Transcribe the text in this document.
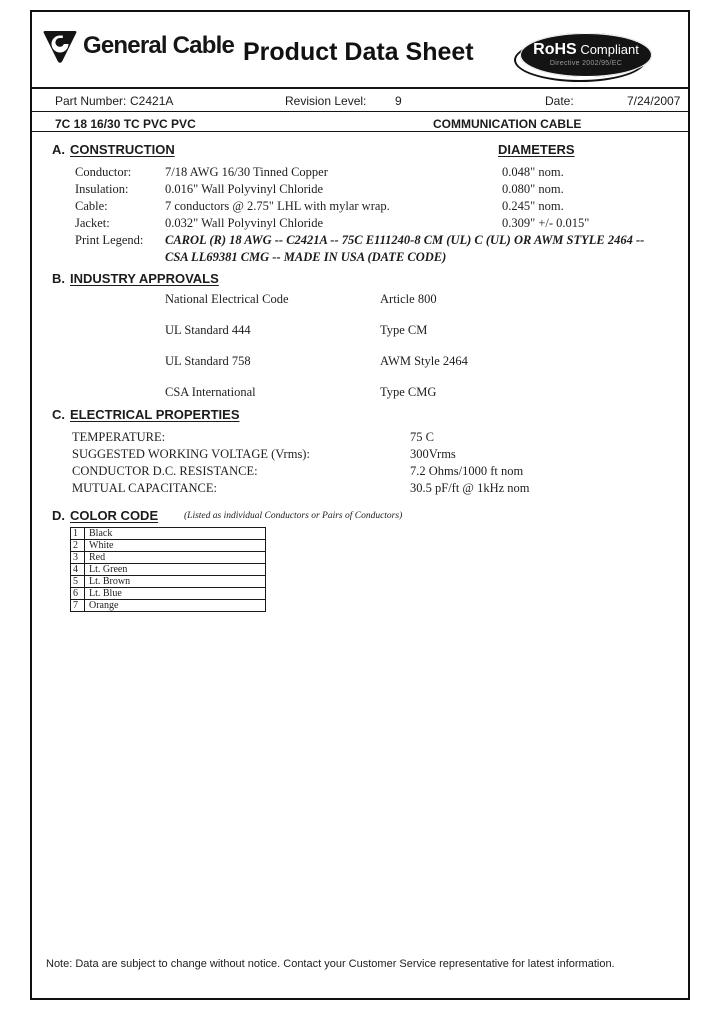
General Cable Product Data Sheet	RoHS Compliant
Directive 2002/95/EC
Part Number: C2421A	Revision Level: 9	Date:	7/24/2007
7C 18 16/30 TC PVC PVC	COMMUNICATION CABLE
A. CONSTRUCTION	DIAMETERS
Conductor:	7/18 AWG 16/30 Tinned Copper	0.048" nom.
Insulation:	0.016" Wall Polyvinyl Chloride	0.080" nom.
Cable:	7 conductors @ 2.75" LHL with mylar wrap.	0.245" nom.
Jacket:	0.032" Wall Polyvinyl Chloride	0.309" +/- 0.015"
Print Legend: CAROL (R) 18 AWG -- C2421A -- 75C E111240-8 CM (UL) C (UL) OR AWM STYLE 2464 --
CSA LL69381 CMG -- MADE IN USA (DATE CODE)
B. INDUSTRY APPROVALS
National Electrical Code	Article 800
UL Standard 444	Type CM
UL Standard 758	AWM Style 2464
CSA International	Type CMG
C. ELECTRICAL PROPERTIES
TEMPERATURE:	75 C
SUGGESTED WORKING VOLTAGE (Vrms):	300Vrms
CONDUCTOR D.C. RESISTANCE:	7.2 Ohms/1000 ft nom
MUTUAL CAPACITANCE:	30.5 pF/ft @ 1kHz nom
D. COLOR CODE	(Listed as individual Conductors or Pairs of Conductors)
1	Black
2	White
3	Red
4	Lt. Green
5	Lt. Brown
6	Lt. Blue
7	Orange
Note: Data are subject to change without notice. Contact your Customer Service representative for latest information.
